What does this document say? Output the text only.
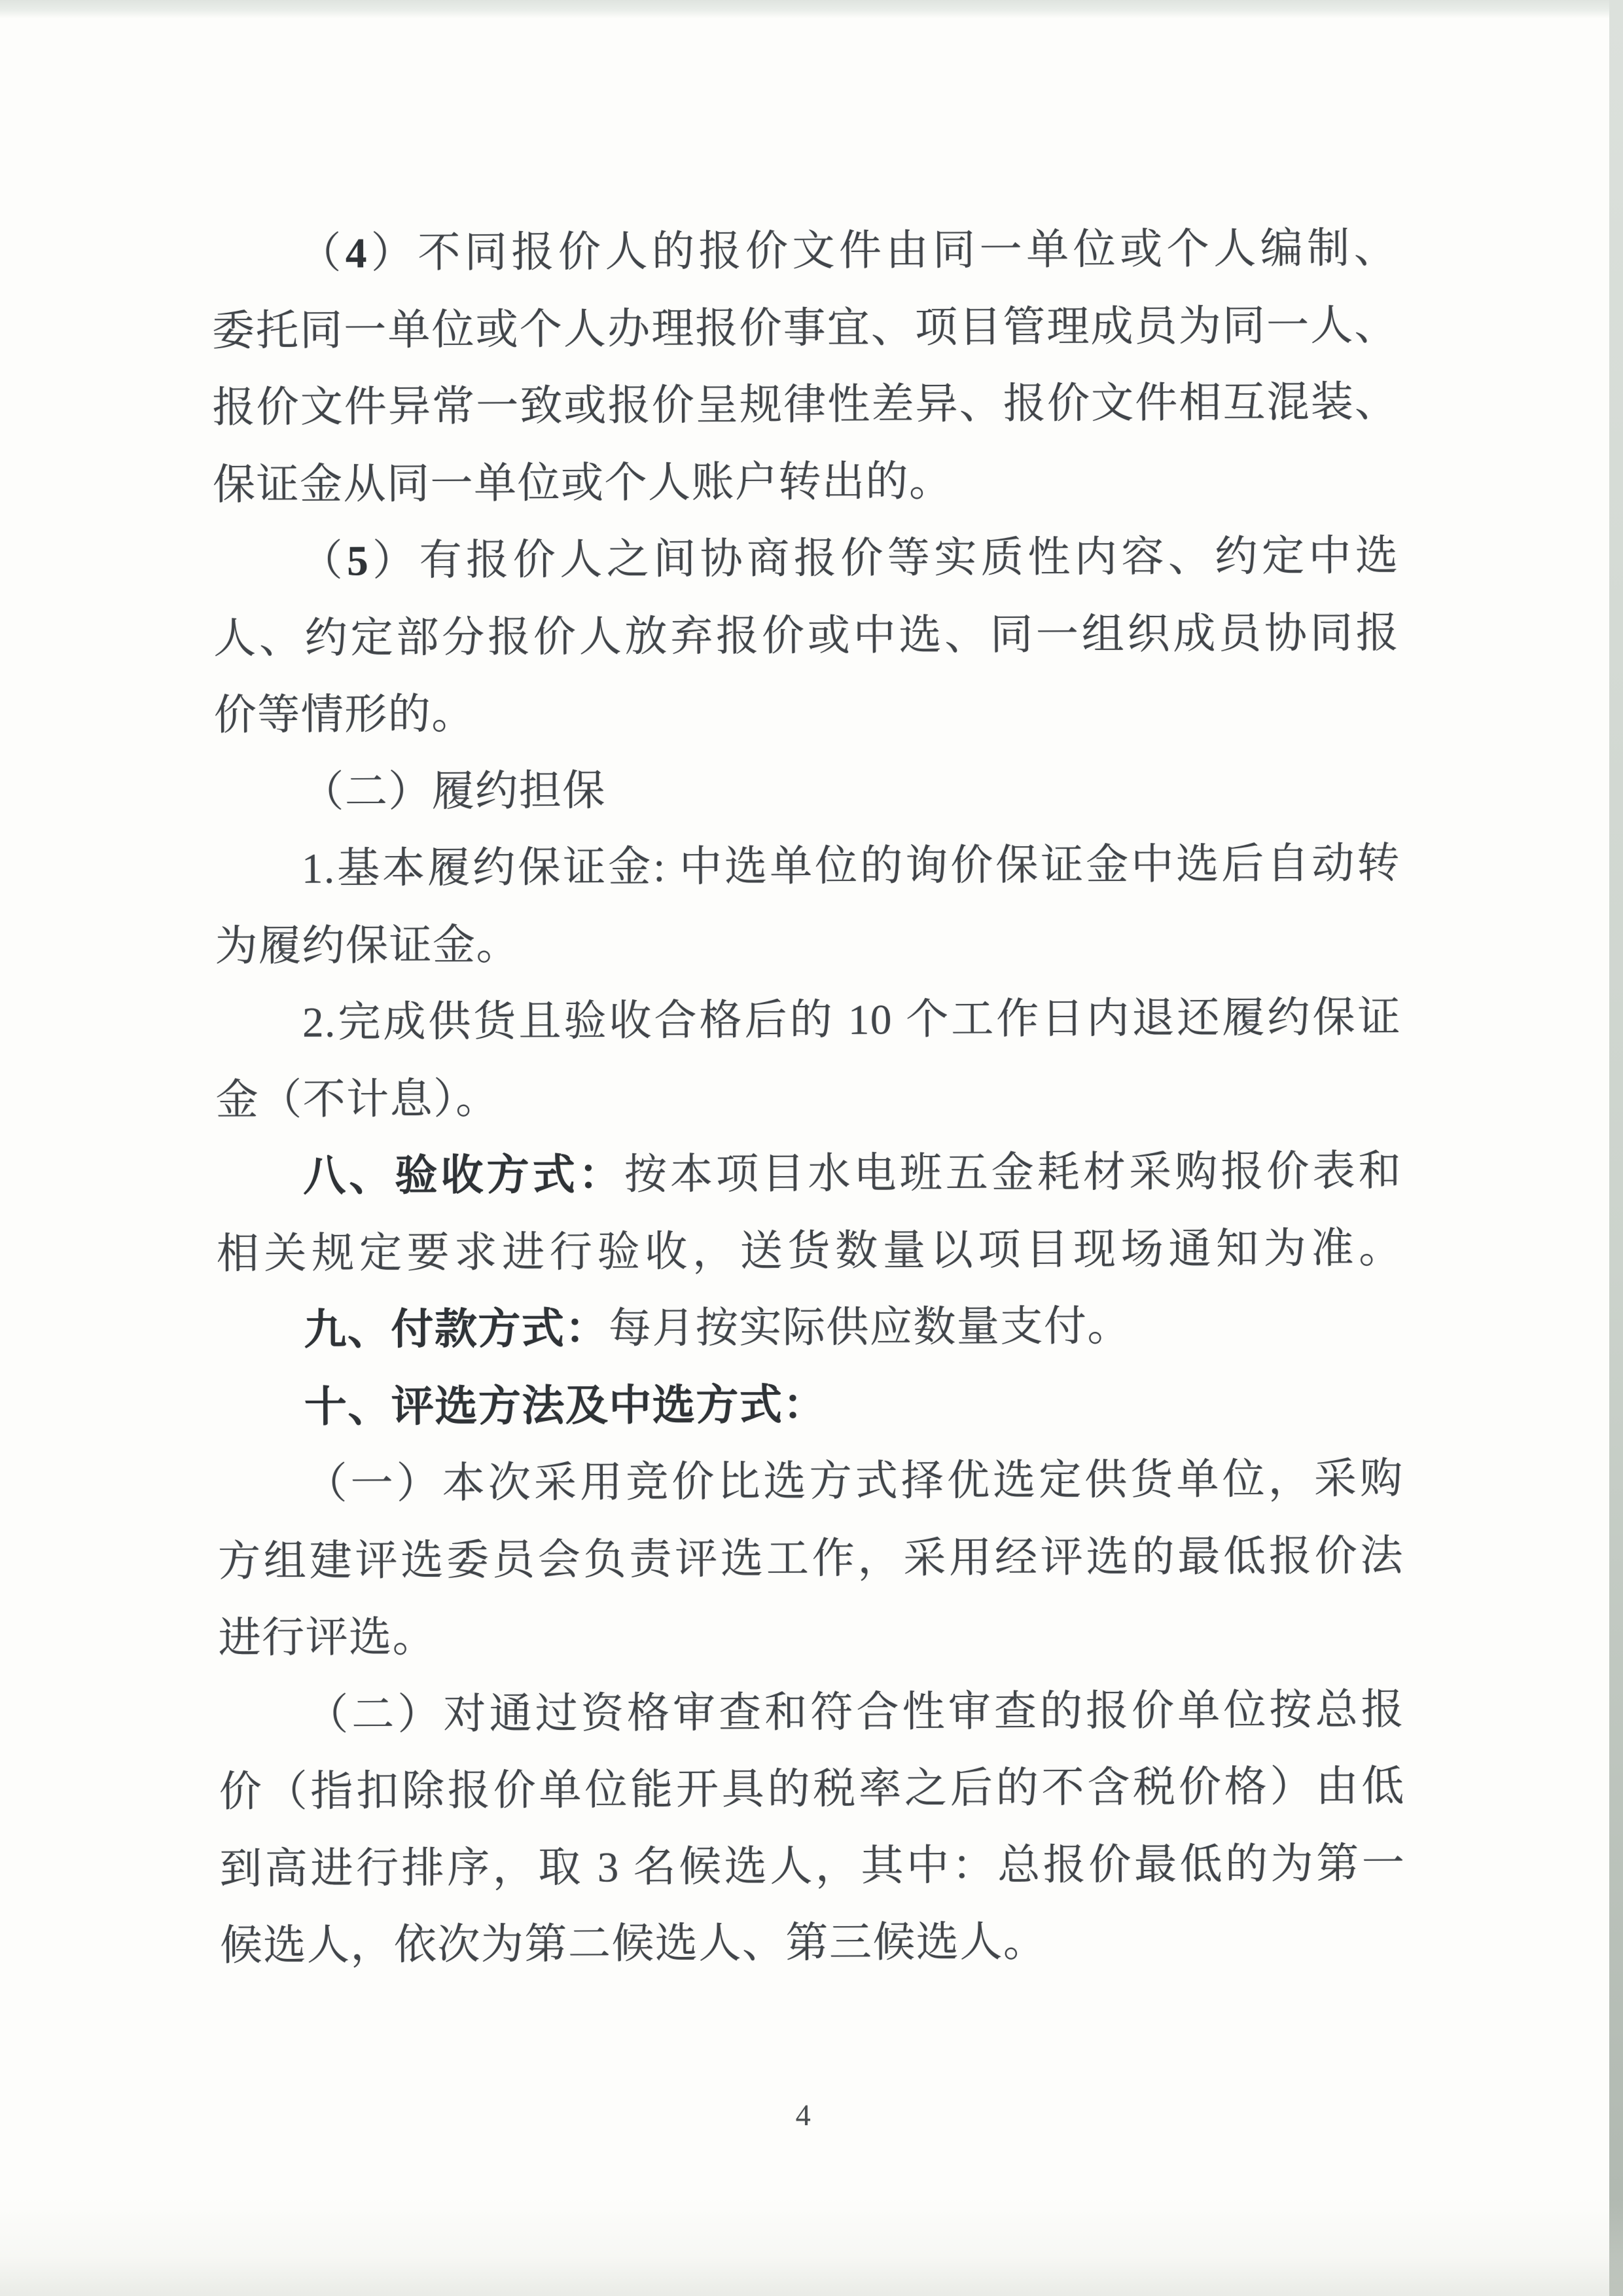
（4）不同报价人的报价文件由同一单位或个人编制、
委托同一单位或个人办理报价事宜、项目管理成员为同一人、
报价文件异常一致或报价呈规律性差异、报价文件相互混装、
保证金从同一单位或个人账户转出的。
（5）有报价人之间协商报价等实质性内容、约定中选
人、约定部分报价人放弃报价或中选、同一组织成员协同报
价等情形的。
（二）履约担保
1.基本履约保证金: 中选单位的询价保证金中选后自动转
为履约保证金。
2.完成供货且验收合格后的 10 个工作日内退还履约保证
金（不计息）。
八、验收方式：按本项目水电班五金耗材采购报价表和
相关规定要求进行验收，送货数量以项目现场通知为准。
九、付款方式：每月按实际供应数量支付。
十、评选方法及中选方式：
（一）本次采用竞价比选方式择优选定供货单位，采购
方组建评选委员会负责评选工作，采用经评选的最低报价法
进行评选。
（二）对通过资格审查和符合性审查的报价单位按总报
价（指扣除报价单位能开具的税率之后的不含税价格）由低
到高进行排序，取 3 名候选人，其中：总报价最低的为第一
候选人，依次为第二候选人、第三候选人。
4
